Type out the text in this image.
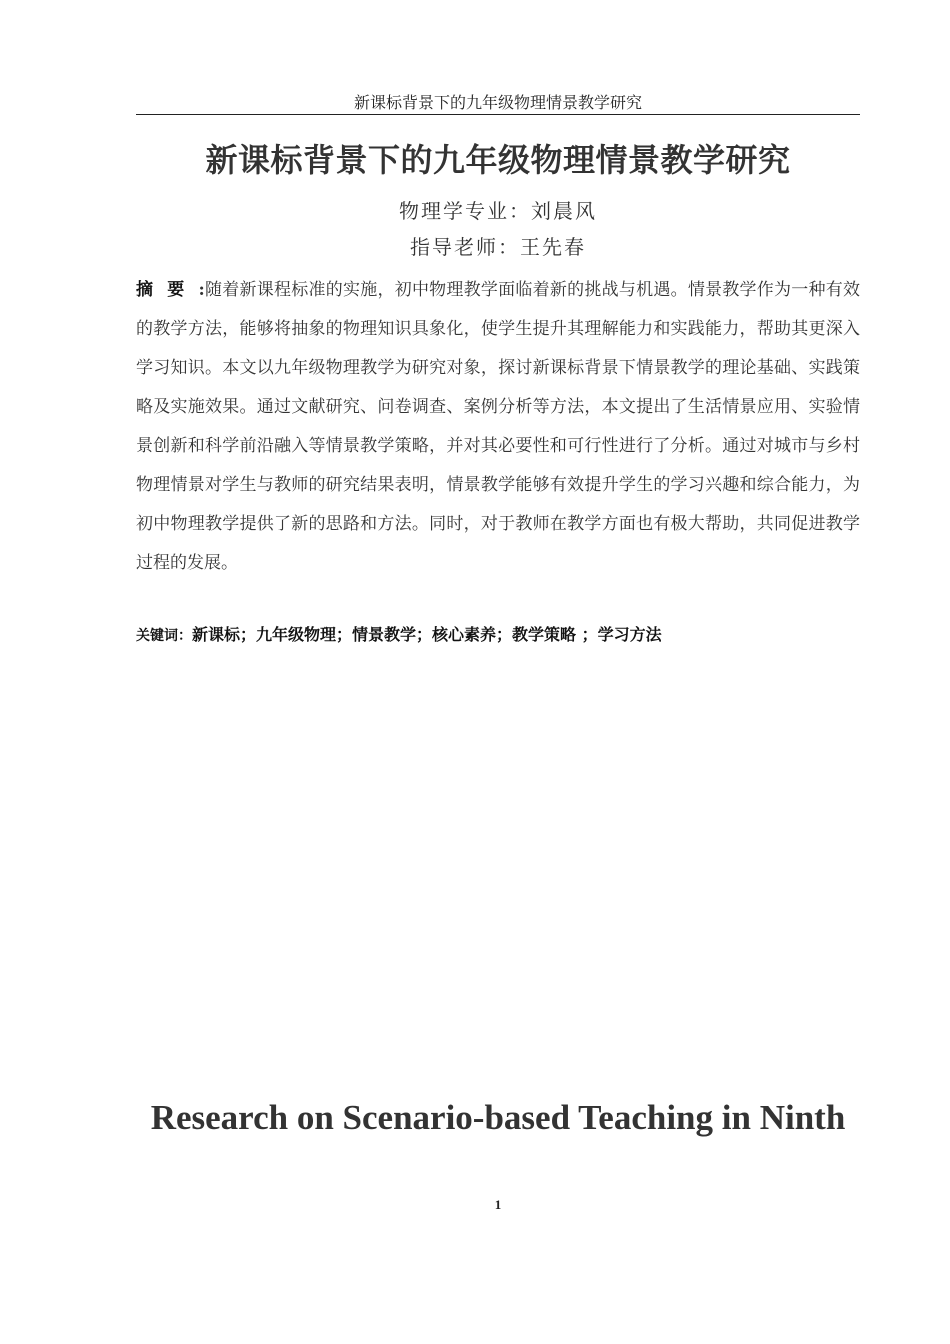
新课标背景下的九年级物理情景教学研究
新课标背景下的九年级物理情景教学研究
物理学专业：刘晨风
指导老师：王先春

摘要:随着新课程标准的实施，初中物理教学面临着新的挑战与机遇。情景教学作为一种有效的教学方法，能够将抽象的物理知识具象化，使学生提升其理解能力和实践能力，帮助其更深入学习知识。本文以九年级物理教学为研究对象，探讨新课标背景下情景教学的理论基础、实践策略及实施效果。通过文献研究、问卷调查、案例分析等方法，本文提出了生活情景应用、实验情景创新和科学前沿融入等情景教学策略，并对其必要性和可行性进行了分析。通过对城市与乡村物理情景对学生与教师的研究结果表明，情景教学能够有效提升学生的学习兴趣和综合能力，为初中物理教学提供了新的思路和方法。同时，对于教师在教学方面也有极大帮助，共同促进教学过程的发展。

关键词：新课标；九年级物理；情景教学；核心素养；教学策略 ；学习方法
Research on Scenario-based Teaching in Ninth
1
